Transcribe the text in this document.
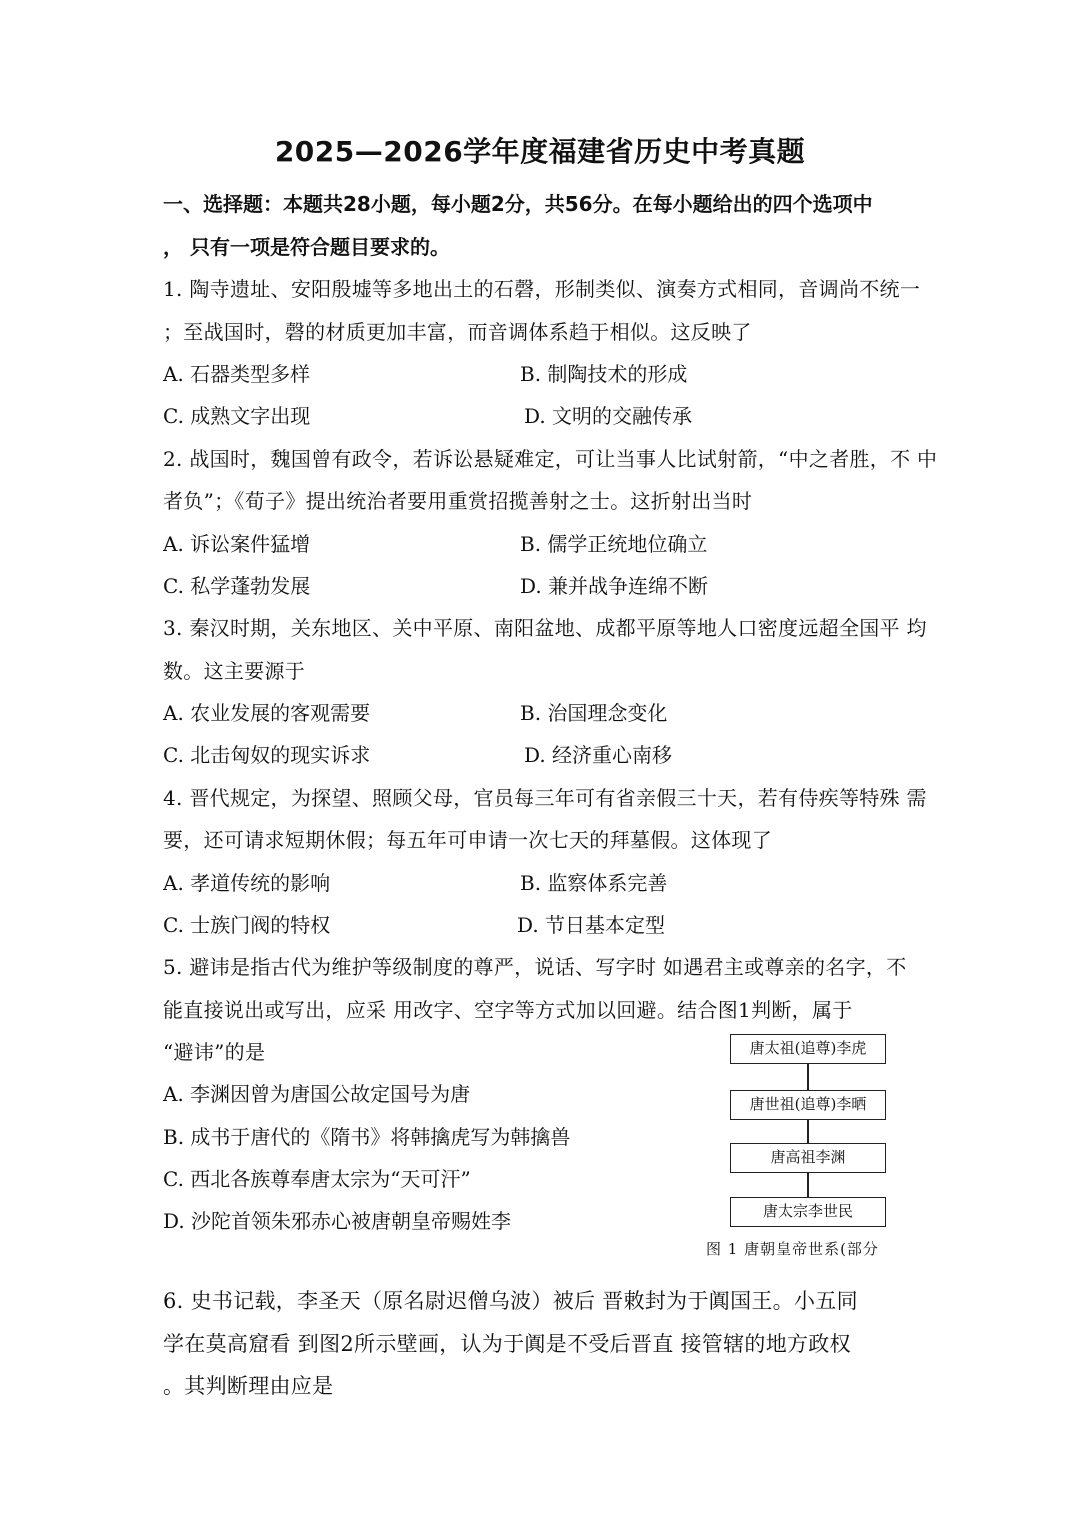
2025—2026学年度福建省历史中考真题
一、选择题：本题共28小题，每小题2分，共56分。在每小题给出的四个选项中
， 只有一项是符合题目要求的。
1. 陶寺遗址、安阳殷墟等多地出土的石磬，形制类似、演奏方式相同，音调尚不统一
；至战国时，磬的材质更加丰富，而音调体系趋于相似。这反映了
A. 石器类型多样	B. 制陶技术的形成
C. 成熟文字出现	D. 文明的交融传承
2. 战国时，魏国曾有政令，若诉讼悬疑难定，可让当事人比试射箭，“中之者胜，不 中
者负”；《荀子》提出统治者要用重赏招揽善射之士。这折射出当时
A. 诉讼案件猛增	B. 儒学正统地位确立
C. 私学蓬勃发展	D. 兼并战争连绵不断
3. 秦汉时期，关东地区、关中平原、南阳盆地、成都平原等地人口密度远超全国平 均
数。这主要源于
A. 农业发展的客观需要	B. 治国理念变化
C. 北击匈奴的现实诉求	D. 经济重心南移
4. 晋代规定，为探望、照顾父母，官员每三年可有省亲假三十天，若有侍疾等特殊 需
要，还可请求短期休假；每五年可申请一次七天的拜墓假。这体现了
A. 孝道传统的影响	B. 监察体系完善
C. 士族门阀的特权	D. 节日基本定型
5. 避讳是指古代为维护等级制度的尊严，说话、写字时 如遇君主或尊亲的名字，不
能直接说出或写出，应采 用改字、空字等方式加以回避。结合图1判断，属于
“避讳”的是
A. 李渊因曾为唐国公故定国号为唐
B. 成书于唐代的《隋书》将韩擒虎写为韩擒兽
C. 西北各族尊奉唐太宗为“天可汗”
D. 沙陀首领朱邪赤心被唐朝皇帝赐姓李
唐太祖(追尊)李虎
唐世祖(追尊)李晒
唐高祖李渊
唐太宗李世民
图 1 唐朝皇帝世系(部分
6. 史书记载，李圣天（原名尉迟僧乌波）被后 晋敕封为于阗国王。小五同
学在莫高窟看 到图2所示壁画，认为于阗是不受后晋直 接管辖的地方政权
。其判断理由应是
